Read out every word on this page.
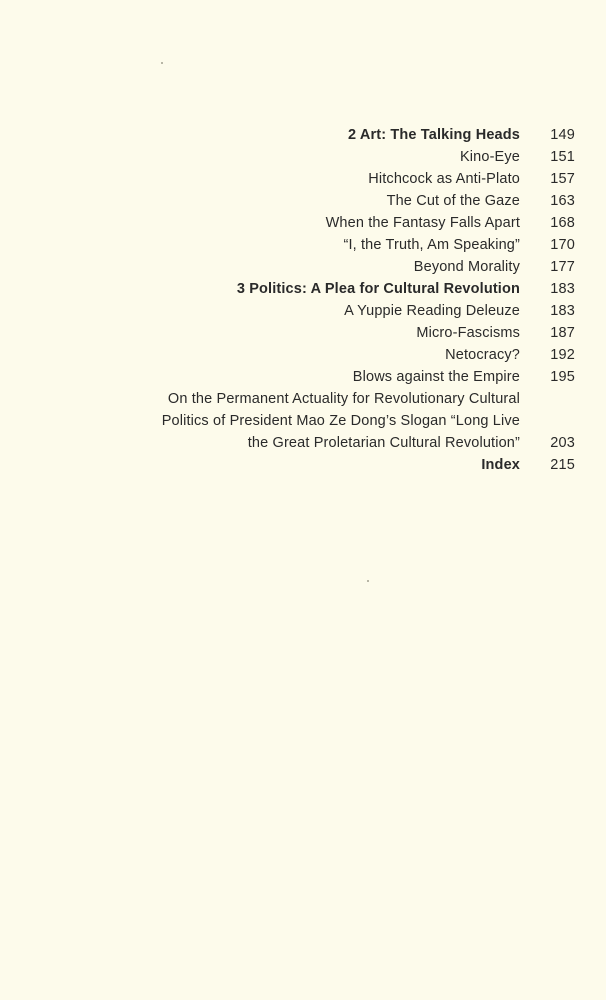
2 Art: The Talking Heads	149
Kino-Eye	151
Hitchcock as Anti-Plato	157
The Cut of the Gaze	163
When the Fantasy Falls Apart	168
“I, the Truth, Am Speaking”	170
Beyond Morality	177
3 Politics: A Plea for Cultural Revolution	183
A Yuppie Reading Deleuze	183
Micro-Fascisms	187
Netocracy?	192
Blows against the Empire	195
On the Permanent Actuality for Revolutionary Cultural
Politics of President Mao Ze Dong’s Slogan “Long Live
the Great Proletarian Cultural Revolution”	203
Index	215
